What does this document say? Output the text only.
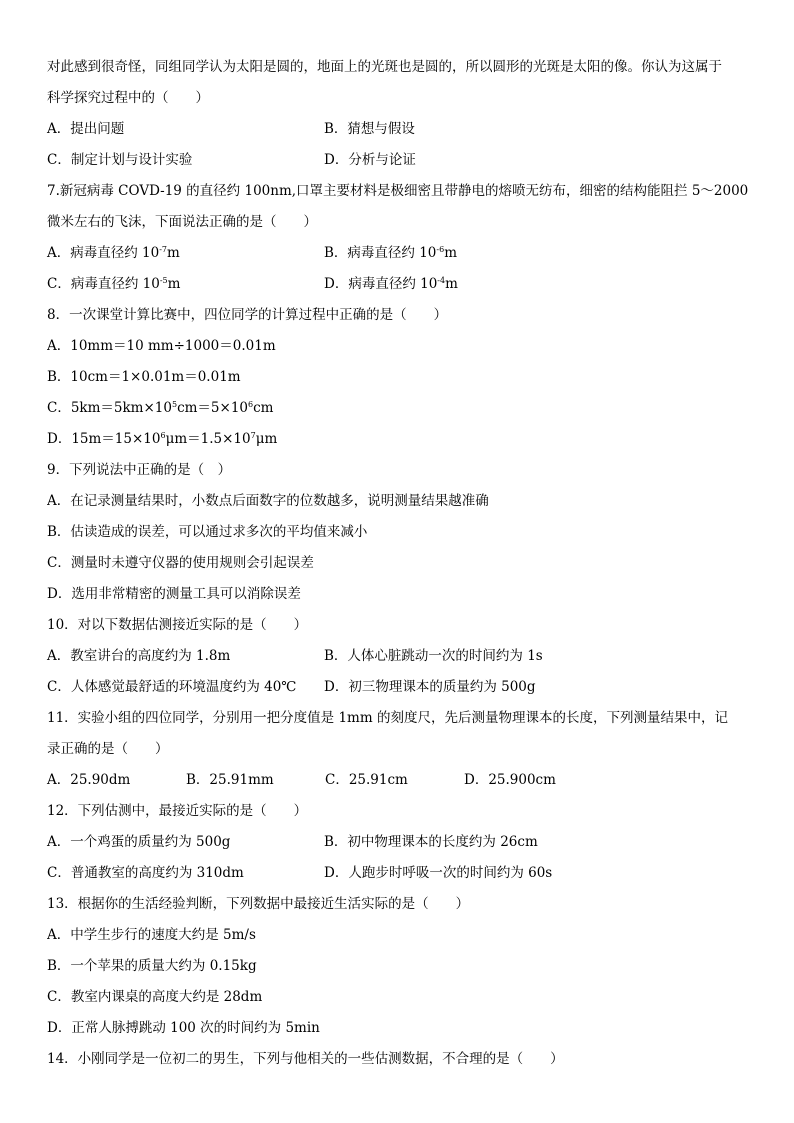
对此感到很奇怪，同组同学认为太阳是圆的，地面上的光斑也是圆的，所以圆形的光斑是太阳的像。你认为这属于
科学探究过程中的（　　）
A．提出问题	B．猜想与假设
C．制定计划与设计实验	D．分析与论证
7.新冠病毒 COVD-19 的直径约 100nm,口罩主要材料是极细密且带静电的熔喷无纺布，细密的结构能阻拦 5～2000
微米左右的飞沫，下面说法正确的是（　　）
A．病毒直径约 $10^{-7}m$	B．病毒直径约 $10^{-6}m$
C．病毒直径约 $10^{-5}m$	D．病毒直径约 $10^{-4}m$
8．一次课堂计算比赛中，四位同学的计算过程中正确的是（　　）
A．10mm＝10 mm÷1000＝0.01m
B．10cm＝1×0.01m＝0.01m
C．$5km=5km\times 10^5cm=5\times 10^6cm$
D．$15m=15\times 10^6\mu m=1.5\times 10^7\mu m$
9．下列说法中正确的是（　）
A．在记录测量结果时，小数点后面数字的位数越多，说明测量结果越准确
B．估读造成的误差，可以通过求多次的平均值来减小
C．测量时未遵守仪器的使用规则会引起误差
D．选用非常精密的测量工具可以消除误差
10．对以下数据估测接近实际的是（　　）
A．教室讲台的高度约为 1.8m	B．人体心脏跳动一次的时间约为 1s
C．人体感觉最舒适的环境温度约为 40℃	D．初三物理课本的质量约为 500g
11．实验小组的四位同学，分别用一把分度值是 1mm 的刻度尺，先后测量物理课本的长度，下列测量结果中，记
录正确的是（　　）
A．25.90dm	B．25.91mm	C．25.91cm	D．25.900cm
12．下列估测中，最接近实际的是（　　）
A．一个鸡蛋的质量约为 500g	B．初中物理课本的长度约为 26cm
C．普通教室的高度约为 310dm	D．人跑步时呼吸一次的时间约为 60s
13．根据你的生活经验判断，下列数据中最接近生活实际的是（　　）
A．中学生步行的速度大约是 5m/s
B．一个苹果的质量大约为 0.15kg
C．教室内课桌的高度大约是 28dm
D．正常人脉搏跳动 100 次的时间约为 5min
14．小刚同学是一位初二的男生，下列与他相关的一些估测数据，不合理的是（　　）
